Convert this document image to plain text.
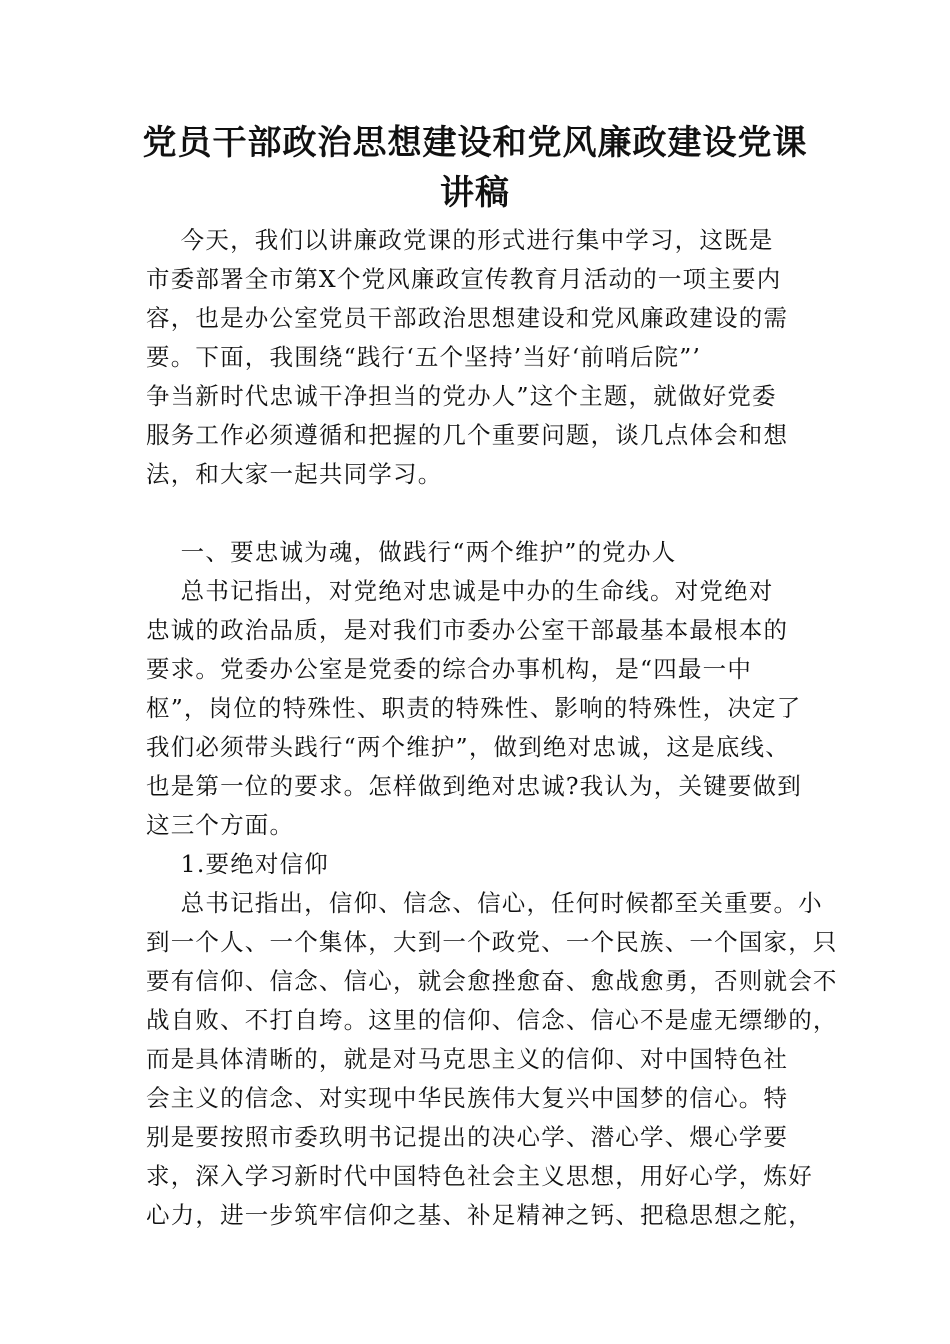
党员干部政治思想建设和党风廉政建设党课
讲稿
今天，我们以讲廉政党课的形式进行集中学习，这既是
市委部署全市第X个党风廉政宣传教育月活动的一项主要内
容，也是办公室党员干部政治思想建设和党风廉政建设的需
要。下面，我围绕“践行‘五个坚持’当好‘前哨后院”’
争当新时代忠诚干净担当的党办人”这个主题，就做好党委
服务工作必须遵循和把握的几个重要问题，谈几点体会和想
法，和大家一起共同学习。
一、要忠诚为魂，做践行“两个维护”的党办人
总书记指出，对党绝对忠诚是中办的生命线。对党绝对
忠诚的政治品质，是对我们市委办公室干部最基本最根本的
要求。党委办公室是党委的综合办事机构，是“四最一中
枢”，岗位的特殊性、职责的特殊性、影响的特殊性，决定了
我们必须带头践行“两个维护”，做到绝对忠诚，这是底线、
也是第一位的要求。怎样做到绝对忠诚?我认为，关键要做到
这三个方面。
1.要绝对信仰
总书记指出，信仰、信念、信心，任何时候都至关重要。小
到一个人、一个集体，大到一个政党、一个民族、一个国家，只
要有信仰、信念、信心，就会愈挫愈奋、愈战愈勇，否则就会不
战自败、不打自垮。这里的信仰、信念、信心不是虚无缥缈的，
而是具体清晰的，就是对马克思主义的信仰、对中国特色社
会主义的信念、对实现中华民族伟大复兴中国梦的信心。特
别是要按照市委玖明书记提出的决心学、潜心学、煨心学要
求，深入学习新时代中国特色社会主义思想，用好心学，炼好
心力，进一步筑牢信仰之基、补足精神之钙、把稳思想之舵，
